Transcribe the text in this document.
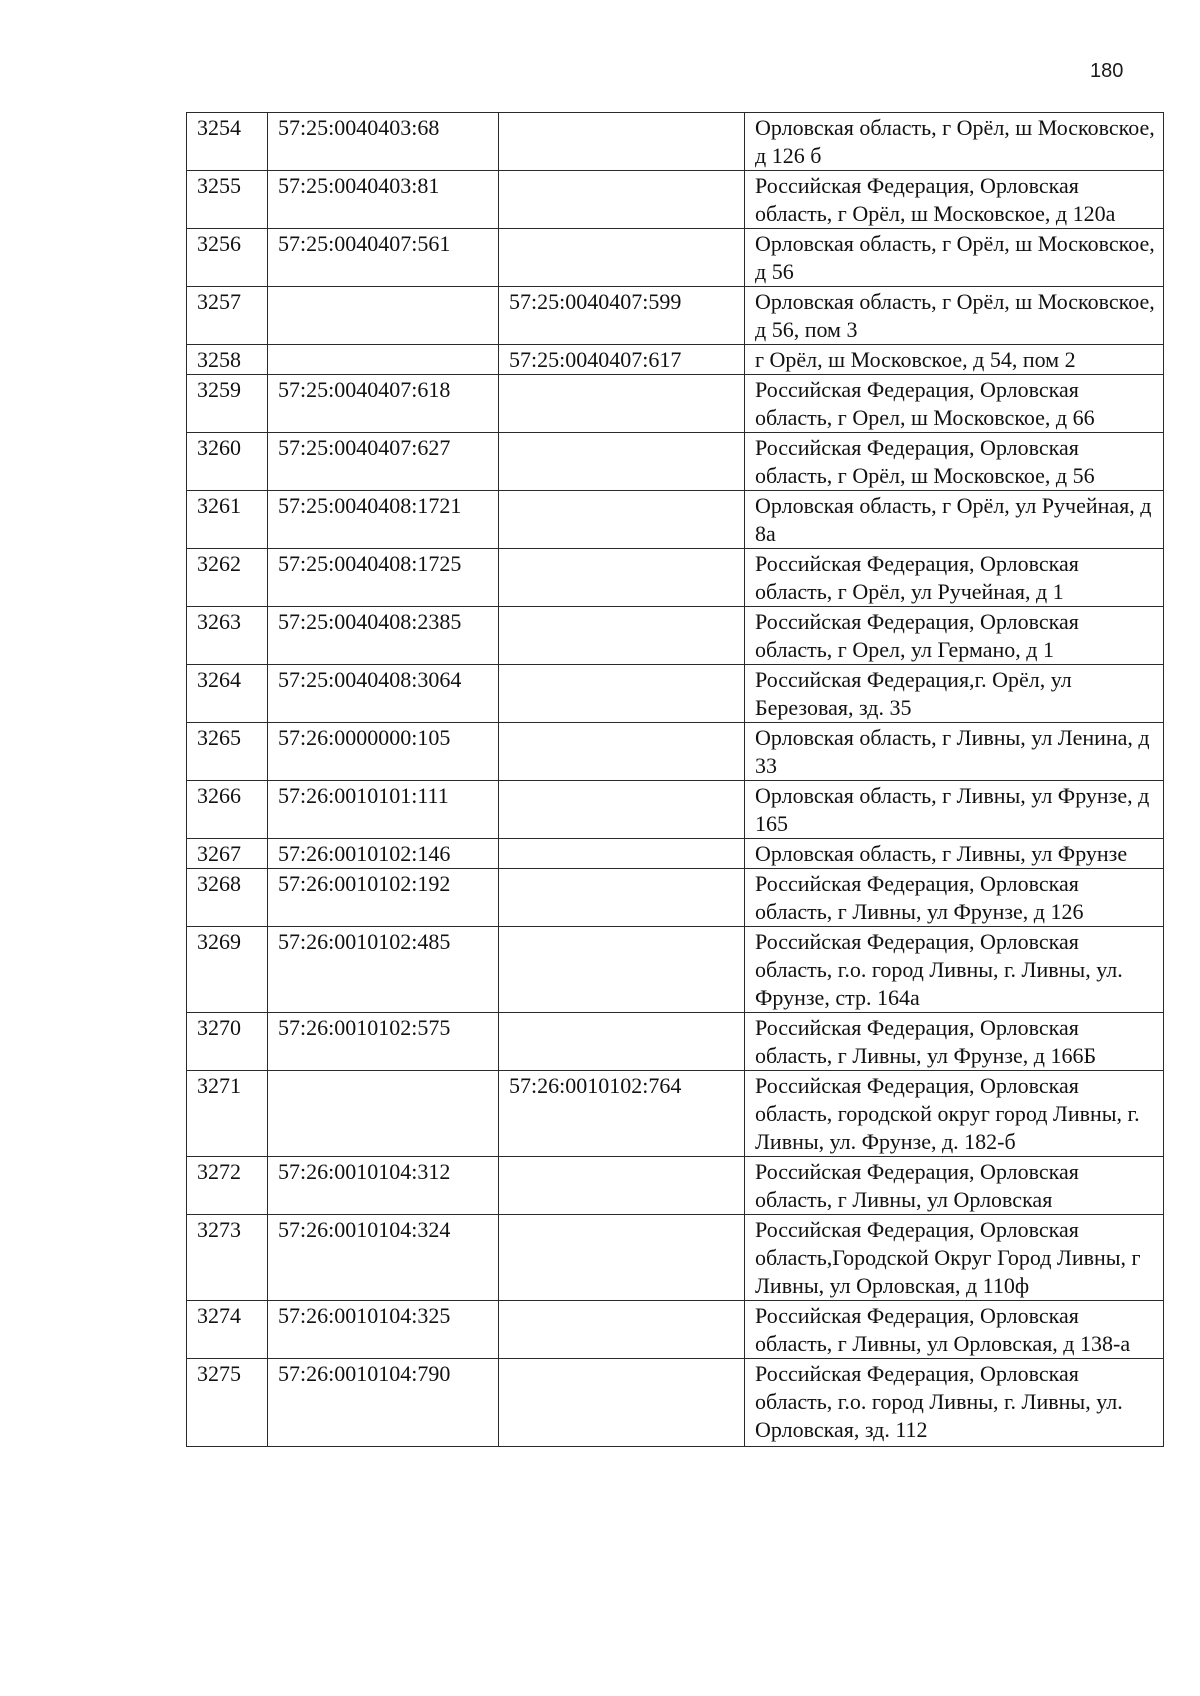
180
3254	57:25:0040403:68		Орловская область, г Орёл, ш Московское, д 126 б
3255	57:25:0040403:81		Российская Федерация, Орловская область, г Орёл, ш Московское, д 120а
3256	57:25:0040407:561		Орловская область, г Орёл, ш Московское, д 56
3257		57:25:0040407:599	Орловская область, г Орёл, ш Московское, д 56, пом 3
3258		57:25:0040407:617	г Орёл, ш Московское, д 54, пом 2
3259	57:25:0040407:618		Российская Федерация, Орловская область, г Орел, ш Московское, д 66
3260	57:25:0040407:627		Российская Федерация, Орловская область, г Орёл, ш Московское, д 56
3261	57:25:0040408:1721		Орловская область, г Орёл, ул Ручейная, д 8а
3262	57:25:0040408:1725		Российская Федерация, Орловская область, г Орёл, ул Ручейная, д 1
3263	57:25:0040408:2385		Российская Федерация, Орловская область, г Орел, ул Германо, д 1
3264	57:25:0040408:3064		Российская Федерация,г. Орёл, ул Березовая, зд. 35
3265	57:26:0000000:105		Орловская область, г Ливны, ул Ленина, д 33
3266	57:26:0010101:111		Орловская область, г Ливны, ул Фрунзе, д 165
3267	57:26:0010102:146		Орловская область, г Ливны, ул Фрунзе
3268	57:26:0010102:192		Российская Федерация, Орловская область, г Ливны, ул Фрунзе, д 126
3269	57:26:0010102:485		Российская Федерация, Орловская область, г.о. город Ливны, г. Ливны, ул. Фрунзе, стр. 164а
3270	57:26:0010102:575		Российская Федерация, Орловская область, г Ливны, ул Фрунзе, д 166Б
3271		57:26:0010102:764	Российская Федерация, Орловская область, городской округ город Ливны, г. Ливны, ул. Фрунзе, д. 182-б
3272	57:26:0010104:312		Российская Федерация, Орловская область, г Ливны, ул Орловская
3273	57:26:0010104:324		Российская Федерация, Орловская область,Городской Округ Город Ливны, г Ливны, ул Орловская, д 110ф
3274	57:26:0010104:325		Российская Федерация, Орловская область, г Ливны, ул Орловская, д 138-а
3275	57:26:0010104:790		Российская Федерация, Орловская область, г.о. город Ливны, г. Ливны, ул. Орловская, зд. 112
